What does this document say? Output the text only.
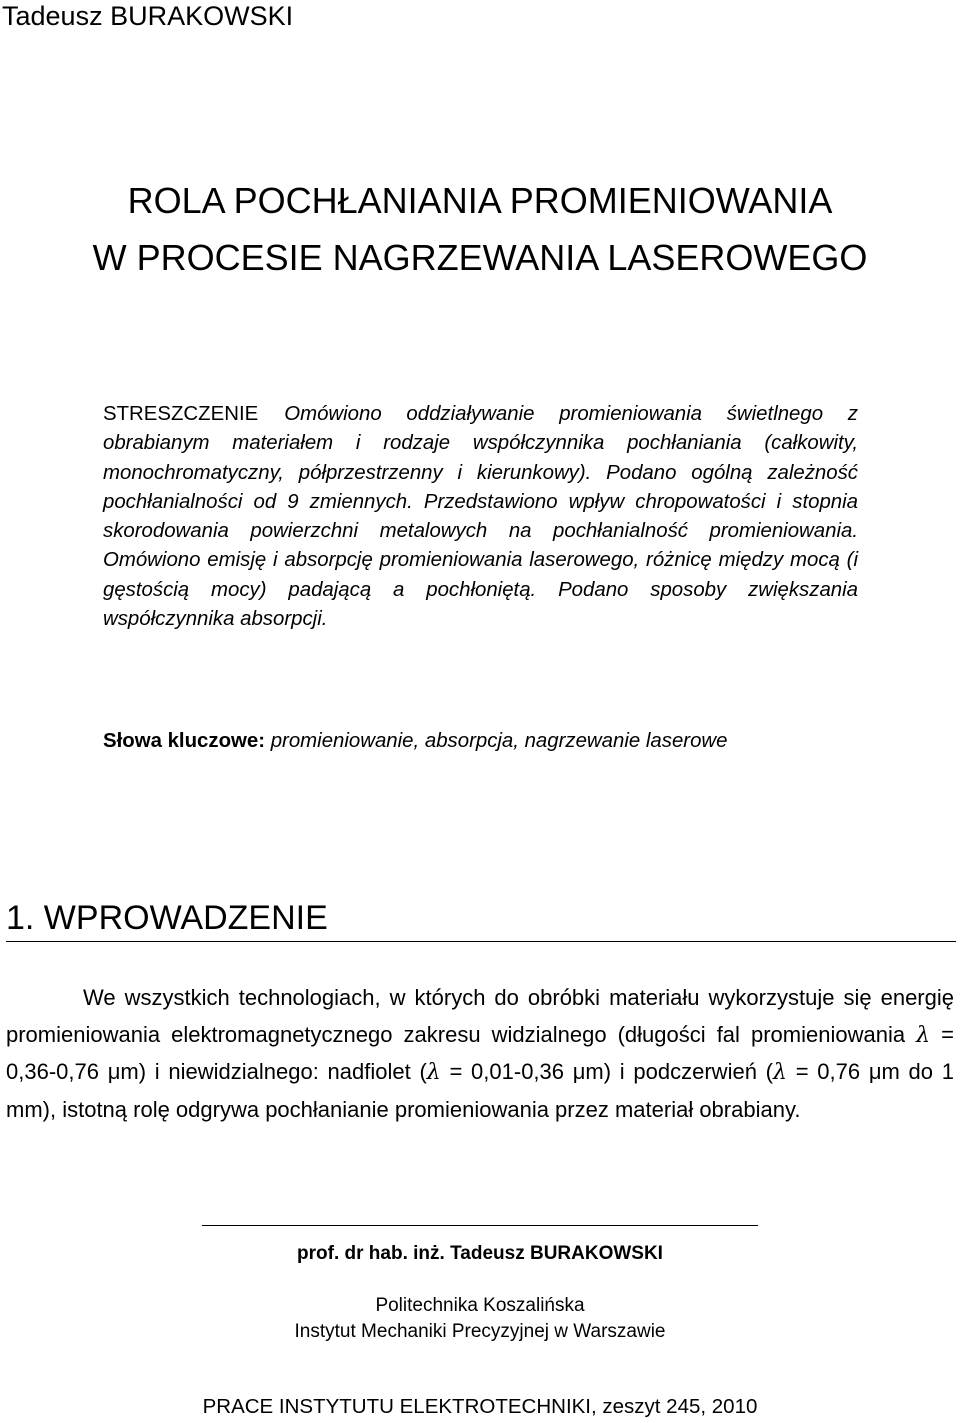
Tadeusz BURAKOWSKI
ROLA POCHŁANIANIA PROMIENIOWANIA
W PROCESIE NAGRZEWANIA LASEROWEGO
STRESZCZENIE Omówiono oddziaływanie promieniowania świetlnego z obrabianym materiałem i rodzaje współczynnika pochłaniania (całkowity, monochromatyczny, półprzestrzenny i kierunkowy). Podano ogólną zależność pochłanialności od 9 zmiennych. Przedstawiono wpływ chropowatości i stopnia skorodowania powierzchni metalowych na pochłanialność promieniowania. Omówiono emisję i absorpcję promieniowania laserowego, różnicę między mocą (i gęstością mocy) padającą a pochłoniętą. Podano sposoby zwiększania współczynnika absorpcji.
Słowa kluczowe: promieniowanie, absorpcja, nagrzewanie laserowe
1. WPROWADZENIE
We wszystkich technologiach, w których do obróbki materiału wykorzystuje się energię promieniowania elektromagnetycznego zakresu widzialnego (długości fal promieniowania λ = 0,36-0,76 μm) i niewidzialnego: nadfiolet (λ = 0,01-0,36 μm) i podczerwień (λ = 0,76 μm do 1 mm), istotną rolę odgrywa pochłanianie promieniowania przez materiał obrabiany.
prof. dr hab. inż. Tadeusz BURAKOWSKI
Politechnika Koszalińska
Instytut Mechaniki Precyzyjnej w Warszawie
PRACE INSTYTUTU ELEKTROTECHNIKI, zeszyt 245, 2010
